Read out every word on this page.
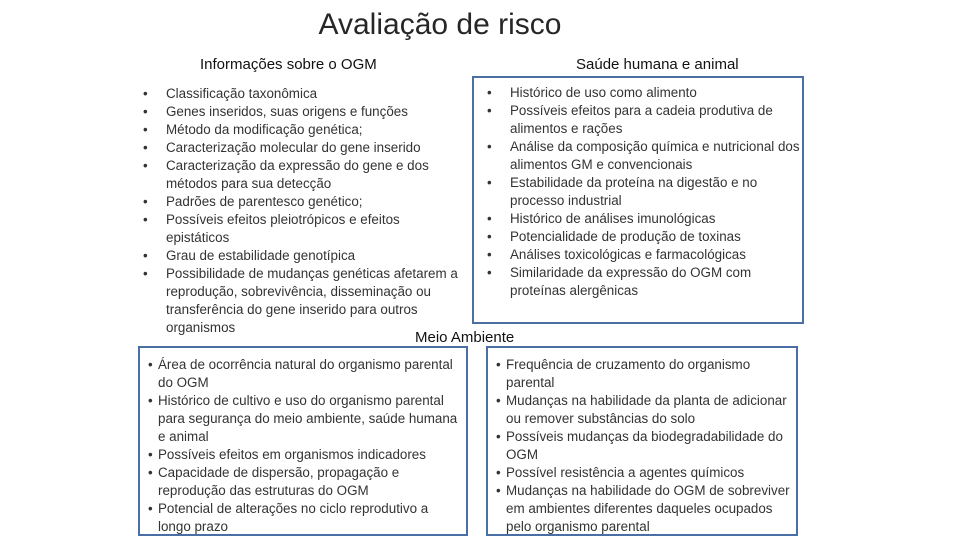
Avaliação de risco
Informações sobre o OGM	Saúde humana e animal
• Classificação taxonômica
• Genes inseridos, suas origens e funções
• Método da modificação genética;
• Caracterização molecular do gene inserido
• Caracterização da expressão do gene e dos métodos para sua detecção
• Padrões de parentesco genético;
• Possíveis efeitos pleiotrópicos e efeitos epistáticos
• Grau de estabilidade genotípica
• Possibilidade de mudanças genéticas afetarem a reprodução, sobrevivência, disseminação ou transferência do gene inserido para outros organismos
• Histórico de uso como alimento
• Possíveis efeitos para a cadeia produtiva de alimentos e rações
• Análise da composição química e nutricional dos alimentos GM e convencionais
• Estabilidade da proteína na digestão e no processo industrial
• Histórico de análises imunológicas
• Potencialidade de produção de toxinas
• Análises toxicológicas e farmacológicas
• Similaridade da expressão do OGM com proteínas alergênicas
• Área de ocorrência natural do organismo parental do OGM
• Histórico de cultivo e uso do organismo parental para segurança do meio ambiente, saúde humana e animal
• Possíveis efeitos em organismos indicadores
• Capacidade de dispersão, propagação e reprodução das estruturas do OGM
• Potencial de alterações no ciclo reprodutivo a longo prazo
• Frequência de cruzamento do organismo parental
• Mudanças na habilidade da planta de adicionar ou remover substâncias do solo
• Possíveis mudanças da biodegradabilidade do OGM
• Possível resistência a agentes químicos
• Mudanças na habilidade do OGM de sobreviver em ambientes diferentes daqueles ocupados pelo organismo parental
Meio Ambiente
